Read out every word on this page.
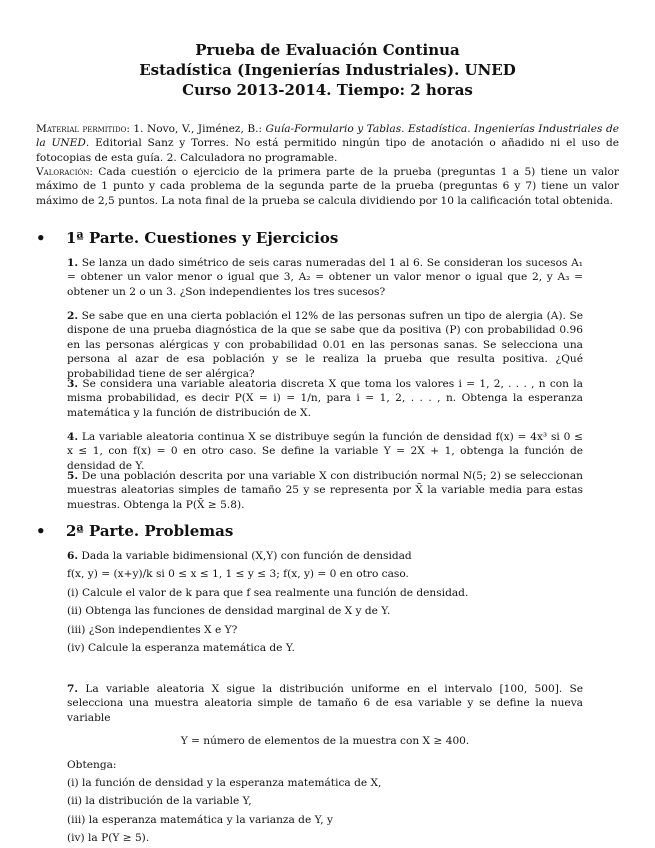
Prueba de Evaluación Continua
Estadística (Ingenierías Industriales). UNED
Curso 2013-2014. Tiempo: 2 horas
Material permitido: 1. Novo, V., Jiménez, B.: Guía-Formulario y Tablas. Estadística. Ingenierías Industriales de la UNED. Editorial Sanz y Torres. No está permitido ningún tipo de anotación o añadido ni el uso de fotocopias de esta guía. 2. Calculadora no programable.
Valoración: Cada cuestión o ejercicio de la primera parte de la prueba (preguntas 1 a 5) tiene un valor máximo de 1 punto y cada problema de la segunda parte de la prueba (preguntas 6 y 7) tiene un valor máximo de 2,5 puntos. La nota final de la prueba se calcula dividiendo por 10 la calificación total obtenida.
• 1ª Parte. Cuestiones y Ejercicios
1. Se lanza un dado simétrico de seis caras numeradas del 1 al 6. Se consideran los sucesos A₁ = obtener un valor menor o igual que 3, A₂ = obtener un valor menor o igual que 2, y A₃ = obtener un 2 o un 3. ¿Son independientes los tres sucesos?
2. Se sabe que en una cierta población el 12% de las personas sufren un tipo de alergia (A). Se dispone de una prueba diagnóstica de la que se sabe que da positiva (P) con probabilidad 0.96 en las personas alérgicas y con probabilidad 0.01 en las personas sanas. Se selecciona una persona al azar de esa población y se le realiza la prueba que resulta positiva. ¿Qué probabilidad tiene de ser alérgica?
3. Se considera una variable aleatoria discreta X que toma los valores i = 1, 2, . . . , n con la misma probabilidad, es decir P(X = i) = 1/n, para i = 1, 2, . . . , n. Obtenga la esperanza matemática y la función de distribución de X.
4. La variable aleatoria continua X se distribuye según la función de densidad f(x) = 4x³ si 0 ≤ x ≤ 1, con f(x) = 0 en otro caso. Se define la variable Y = 2X + 1, obtenga la función de densidad de Y.
5. De una población descrita por una variable X con distribución normal N(5; 2) se seleccionan muestras aleatorias simples de tamaño 25 y se representa por X̄ la variable media para estas muestras. Obtenga la P(X̄ ≥ 5.8).
• 2ª Parte. Problemas
6. Dada la variable bidimensional (X,Y) con función de densidad
f(x, y) = (x+y)/k si 0 ≤ x ≤ 1, 1 ≤ y ≤ 3; f(x, y) = 0 en otro caso.
(i) Calcule el valor de k para que f sea realmente una función de densidad.
(ii) Obtenga las funciones de densidad marginal de X y de Y.
(iii) ¿Son independientes X e Y?
(iv) Calcule la esperanza matemática de Y.
7. La variable aleatoria X sigue la distribución uniforme en el intervalo [100, 500]. Se selecciona una muestra aleatoria simple de tamaño 6 de esa variable y se define la nueva variable
Y = número de elementos de la muestra con X ≥ 400.
Obtenga:
(i) la función de densidad y la esperanza matemática de X,
(ii) la distribución de la variable Y,
(iii) la esperanza matemática y la varianza de Y, y
(iv) la P(Y ≥ 5).
